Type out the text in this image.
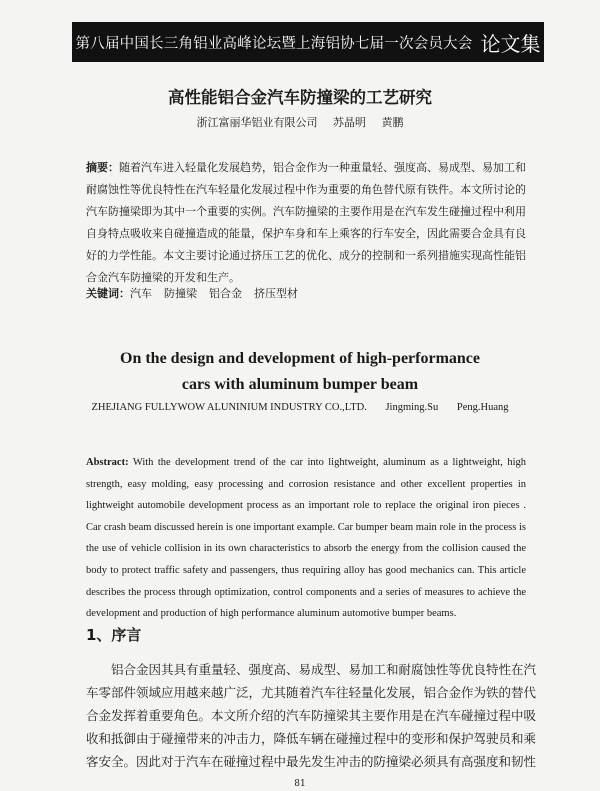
第八届中国长三角铝业高峰论坛暨上海铝协七届一次会员大会 论文集
高性能铝合金汽车防撞梁的工艺研究
浙江富丽华铝业有限公司 苏晶明 黄鹏

摘要：随着汽车进入轻量化发展趋势，铝合金作为一种重量轻、强度高、易成型、易加工和耐腐蚀性等优良特性在汽车轻量化发展过程中作为重要的角色替代原有铁件。本文所讨论的汽车防撞梁即为其中一个重要的实例。汽车防撞梁的主要作用是在汽车发生碰撞过程中利用自身特点吸收来自碰撞造成的能量，保护车身和车上乘客的行车安全，因此需要合金具有良好的力学性能。本文主要讨论通过挤压工艺的优化、成分的控制和一系列措施实现高性能铝合金汽车防撞梁的开发和生产。

关键词：汽车 防撞梁 铝合金 挤压型材

On the design and development of high-performance
cars with aluminum bumper beam
ZHEJIANG FULLYWOW ALUNINIUM INDUSTRY CO.,LTD. Jingming.Su Peng.Huang

Abstract: With the development trend of the car into lightweight, aluminum as a lightweight, high strength, easy molding, easy processing and corrosion resistance and other excellent properties in lightweight automobile development process as an important role to replace the original iron pieces . Car crash beam discussed herein is one important example. Car bumper beam main role in the process is the use of vehicle collision in its own characteristics to absorb the energy from the collision caused the body to protect traffic safety and passengers, thus requiring alloy has good mechanics can. This article describes the process through optimization, control components and a series of measures to achieve the development and production of high performance aluminum automotive bumper beams.

1、序言

铝合金因其具有重量轻、强度高、易成型、易加工和耐腐蚀性等优良特性在汽车零部件领域应用越来越广泛，尤其随着汽车往轻量化发展，铝合金作为铁的替代合金发挥着重要角色。本文所介绍的汽车防撞梁其主要作用是在汽车碰撞过程中吸收和抵御由于碰撞带来的冲击力，降低车辆在碰撞过程中的变形和保护驾驶员和乘客安全。因此对于汽车在碰撞过程中最先发生冲击的防撞梁必须具有高强度和韧性

81
